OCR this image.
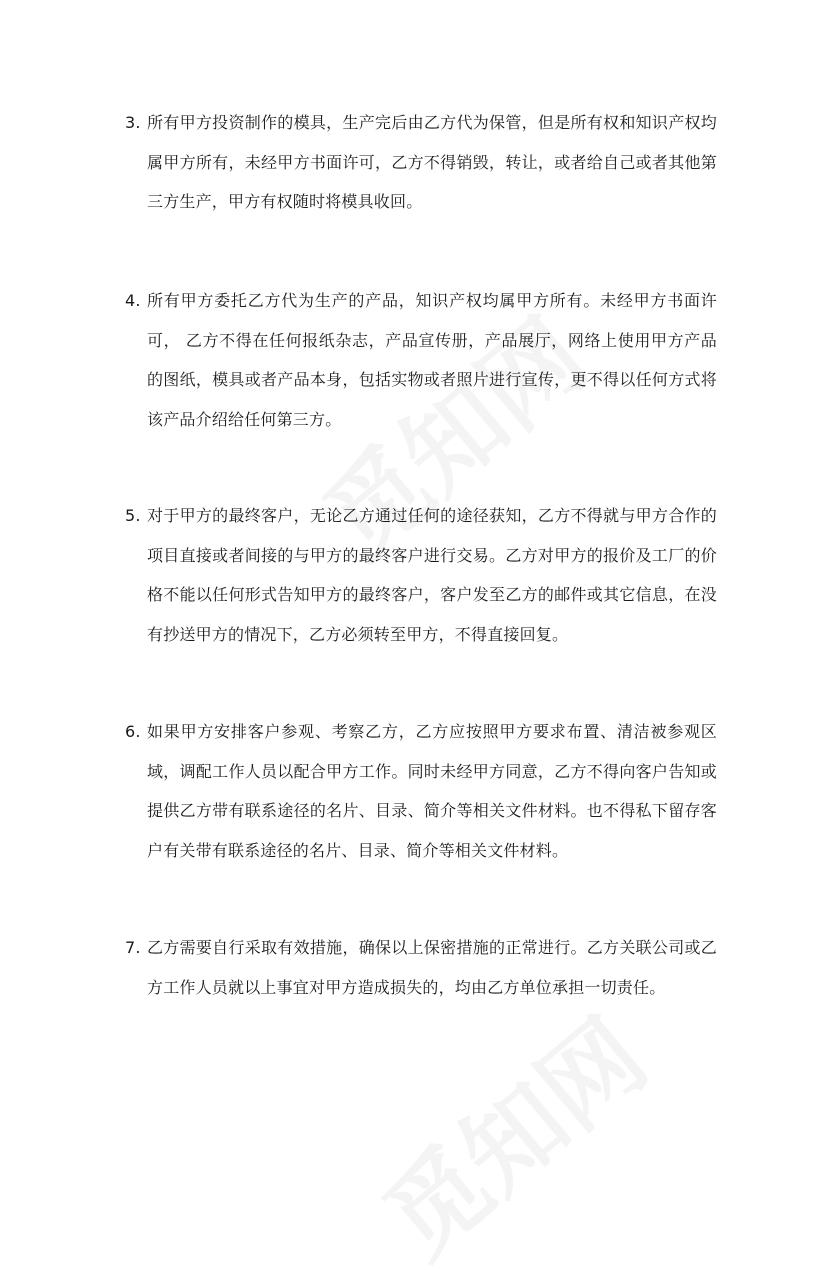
3. 所有甲方投资制作的模具，生产完后由乙方代为保管，但是所有权和知识产权均属甲方所有，未经甲方书面许可，乙方不得销毁，转让，或者给自己或者其他第三方生产，甲方有权随时将模具收回。
4. 所有甲方委托乙方代为生产的产品，知识产权均属甲方所有。未经甲方书面许可， 乙方不得在任何报纸杂志，产品宣传册，产品展厅，网络上使用甲方产品的图纸，模具或者产品本身，包括实物或者照片进行宣传，更不得以任何方式将该产品介绍给任何第三方。
5. 对于甲方的最终客户，无论乙方通过任何的途径获知，乙方不得就与甲方合作的项目直接或者间接的与甲方的最终客户进行交易。乙方对甲方的报价及工厂的价格不能以任何形式告知甲方的最终客户，客户发至乙方的邮件或其它信息，在没有抄送甲方的情况下，乙方必须转至甲方，不得直接回复。
6. 如果甲方安排客户参观、考察乙方，乙方应按照甲方要求布置、清洁被参观区域，调配工作人员以配合甲方工作。同时未经甲方同意，乙方不得向客户告知或提供乙方带有联系途径的名片、目录、简介等相关文件材料。也不得私下留存客户有关带有联系途径的名片、目录、简介等相关文件材料。
7. 乙方需要自行采取有效措施，确保以上保密措施的正常进行。乙方关联公司或乙方工作人员就以上事宜对甲方造成损失的，均由乙方单位承担一切责任。
